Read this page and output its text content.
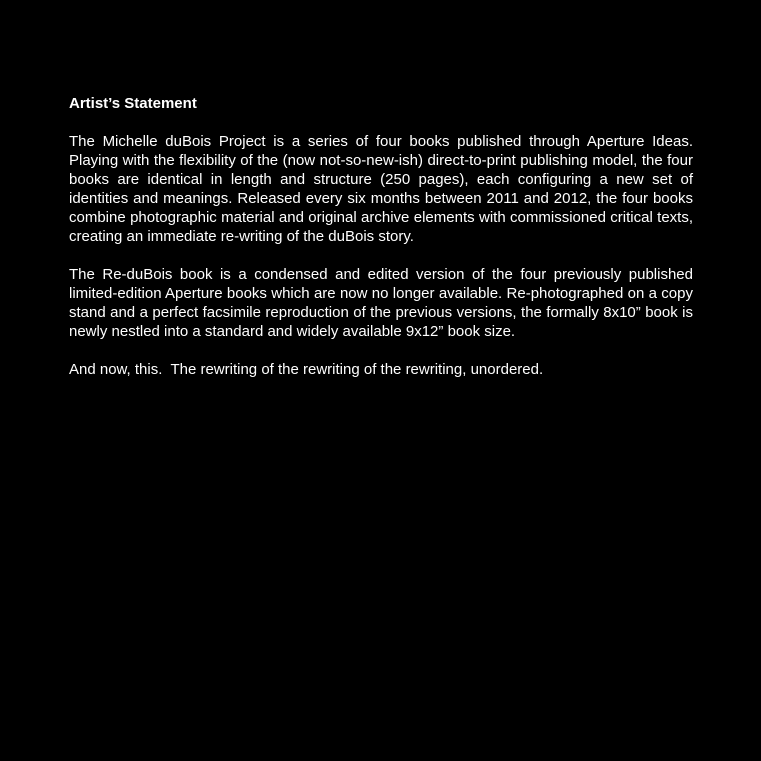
Artist’s Statement

The Michelle duBois Project is a series of four books published through Aperture Ideas. Playing with the flexibility of the (now not-so-new-ish) direct-to-print publishing model, the four books are identical in length and structure (250 pages), each configuring a new set of identities and meanings. Released every six months between 2011 and 2012, the four books combine photographic material and original archive elements with commissioned critical texts, creating an immediate re-writing of the duBois story.

The Re-duBois book is a condensed and edited version of the four previously published limited-edition Aperture books which are now no longer available. Re-photographed on a copy stand and a perfect facsimile reproduction of the previous versions, the formally 8x10” book is newly nestled into a standard and widely available 9x12” book size.

And now, this.  The rewriting of the rewriting of the rewriting, unordered.
